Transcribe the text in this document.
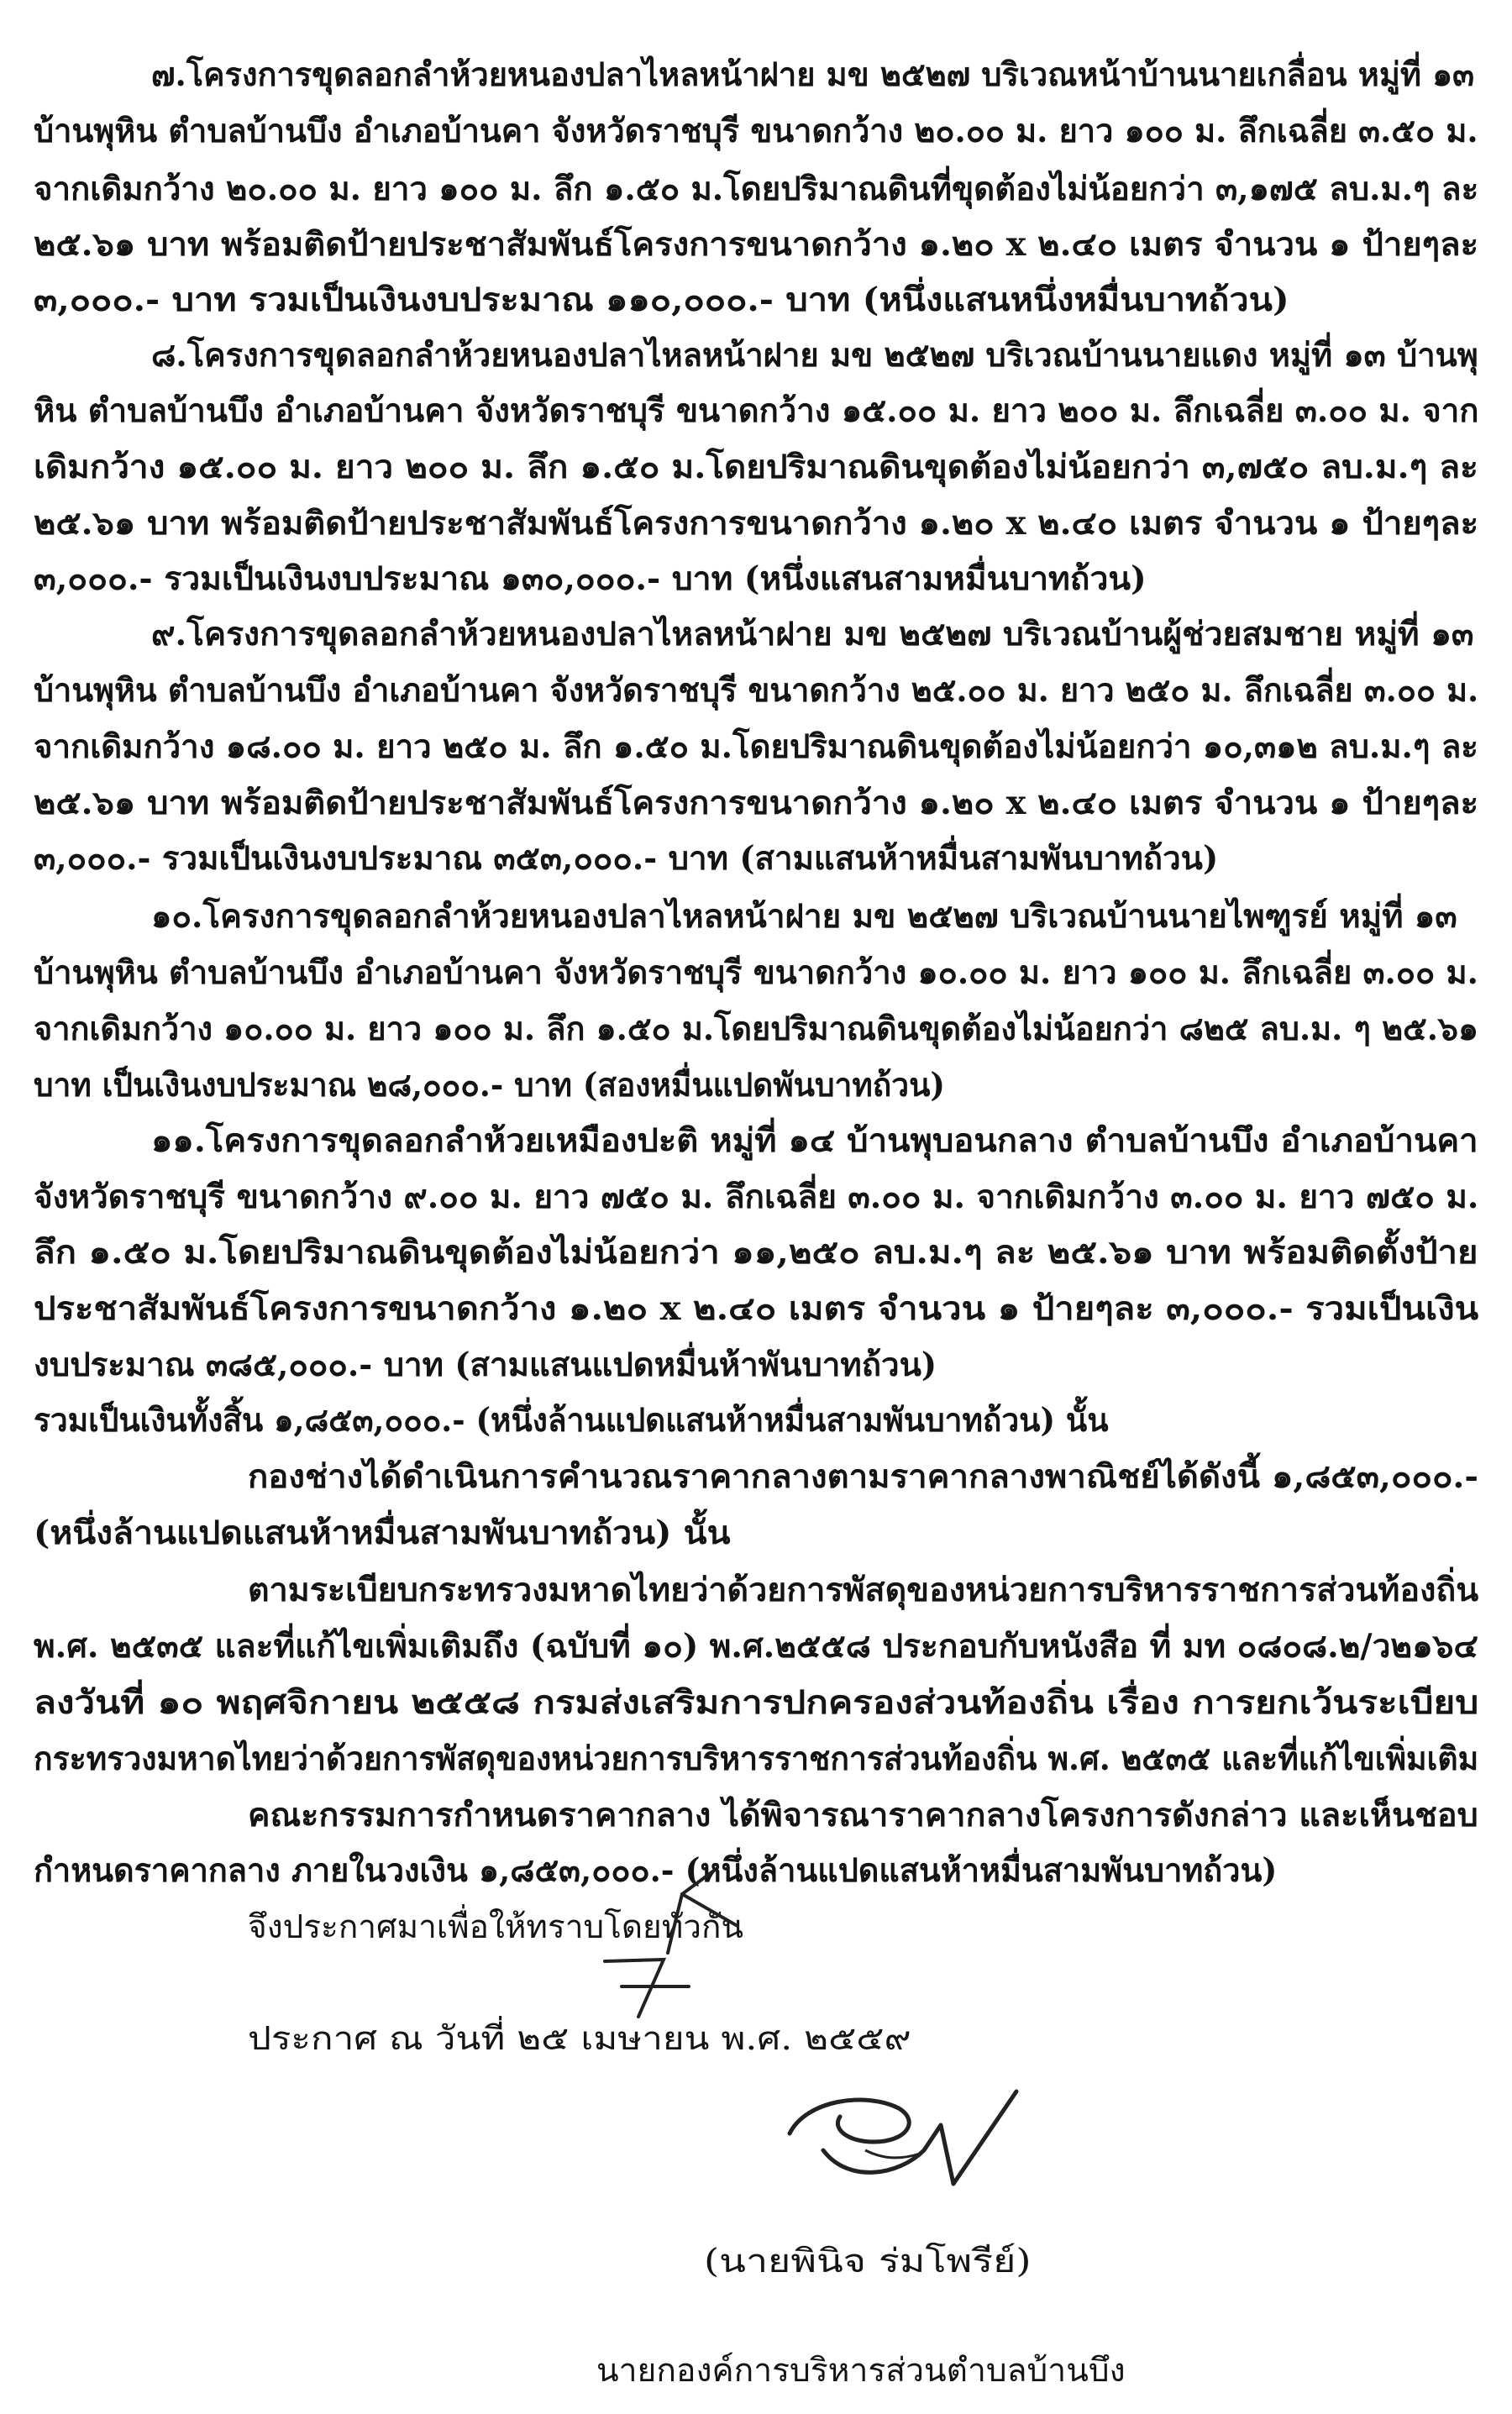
๗.โครงการขุดลอกลำห้วยหนองปลาไหลหน้าฝาย มข ๒๕๒๗ บริเวณหน้าบ้านนายเกลื่อน หมู่ที่ ๑๓
บ้านพุหิน ตำบลบ้านบึง อำเภอบ้านคา จังหวัดราชบุรี ขนาดกว้าง ๒๐.๐๐ ม. ยาว ๑๐๐ ม. ลึกเฉลี่ย ๓.๕๐ ม.
จากเดิมกว้าง ๒๐.๐๐ ม. ยาว ๑๐๐ ม. ลึก ๑.๕๐ ม.โดยปริมาณดินที่ขุดต้องไม่น้อยกว่า ๓,๑๗๕ ลบ.ม.ๆ ละ
๒๕.๖๑ บาท พร้อมติดป้ายประชาสัมพันธ์โครงการขนาดกว้าง ๑.๒๐ x ๒.๔๐ เมตร จำนวน ๑ ป้ายๆละ
๓,๐๐๐.- บาท รวมเป็นเงินงบประมาณ ๑๑๐,๐๐๐.- บาท (หนึ่งแสนหนึ่งหมื่นบาทถ้วน)
๘.โครงการขุดลอกลำห้วยหนองปลาไหลหน้าฝาย มข ๒๕๒๗ บริเวณบ้านนายแดง หมู่ที่ ๑๓ บ้านพุ
หิน ตำบลบ้านบึง อำเภอบ้านคา จังหวัดราชบุรี ขนาดกว้าง ๑๕.๐๐ ม. ยาว ๒๐๐ ม. ลึกเฉลี่ย ๓.๐๐ ม. จาก
เดิมกว้าง ๑๕.๐๐ ม. ยาว ๒๐๐ ม. ลึก ๑.๕๐ ม.โดยปริมาณดินขุดต้องไม่น้อยกว่า ๓,๗๕๐ ลบ.ม.ๆ ละ
๒๕.๖๑ บาท พร้อมติดป้ายประชาสัมพันธ์โครงการขนาดกว้าง ๑.๒๐ x ๒.๔๐ เมตร จำนวน ๑ ป้ายๆละ
๓,๐๐๐.- รวมเป็นเงินงบประมาณ ๑๓๐,๐๐๐.- บาท (หนึ่งแสนสามหมื่นบาทถ้วน)
๙.โครงการขุดลอกลำห้วยหนองปลาไหลหน้าฝาย มข ๒๕๒๗ บริเวณบ้านผู้ช่วยสมชาย หมู่ที่ ๑๓
บ้านพุหิน ตำบลบ้านบึง อำเภอบ้านคา จังหวัดราชบุรี ขนาดกว้าง ๒๕.๐๐ ม. ยาว ๒๕๐ ม. ลึกเฉลี่ย ๓.๐๐ ม.
จากเดิมกว้าง ๑๘.๐๐ ม. ยาว ๒๕๐ ม. ลึก ๑.๕๐ ม.โดยปริมาณดินขุดต้องไม่น้อยกว่า ๑๐,๓๑๒ ลบ.ม.ๆ ละ
๒๕.๖๑ บาท พร้อมติดป้ายประชาสัมพันธ์โครงการขนาดกว้าง ๑.๒๐ x ๒.๔๐ เมตร จำนวน ๑ ป้ายๆละ
๓,๐๐๐.- รวมเป็นเงินงบประมาณ ๓๕๓,๐๐๐.- บาท (สามแสนห้าหมื่นสามพันบาทถ้วน)
๑๐.โครงการขุดลอกลำห้วยหนองปลาไหลหน้าฝาย มข ๒๕๒๗ บริเวณบ้านนายไพฑูรย์ หมู่ที่ ๑๓
บ้านพุหิน ตำบลบ้านบึง อำเภอบ้านคา จังหวัดราชบุรี ขนาดกว้าง ๑๐.๐๐ ม. ยาว ๑๐๐ ม. ลึกเฉลี่ย ๓.๐๐ ม.
จากเดิมกว้าง ๑๐.๐๐ ม. ยาว ๑๐๐ ม. ลึก ๑.๕๐ ม.โดยปริมาณดินขุดต้องไม่น้อยกว่า ๘๒๕ ลบ.ม. ๆ ๒๕.๖๑
บาท เป็นเงินงบประมาณ ๒๘,๐๐๐.- บาท (สองหมื่นแปดพันบาทถ้วน)
๑๑.โครงการขุดลอกลำห้วยเหมืองปะติ หมู่ที่ ๑๔ บ้านพุบอนกลาง ตำบลบ้านบึง อำเภอบ้านคา
จังหวัดราชบุรี ขนาดกว้าง ๙.๐๐ ม. ยาว ๗๕๐ ม. ลึกเฉลี่ย ๓.๐๐ ม. จากเดิมกว้าง ๓.๐๐ ม. ยาว ๗๕๐ ม.
ลึก ๑.๕๐ ม.โดยปริมาณดินขุดต้องไม่น้อยกว่า ๑๑,๒๕๐ ลบ.ม.ๆ ละ ๒๕.๖๑ บาท พร้อมติดตั้งป้าย
ประชาสัมพันธ์โครงการขนาดกว้าง ๑.๒๐ x ๒.๔๐ เมตร จำนวน ๑ ป้ายๆละ ๓,๐๐๐.- รวมเป็นเงิน
งบประมาณ ๓๘๕,๐๐๐.- บาท (สามแสนแปดหมื่นห้าพันบาทถ้วน)
รวมเป็นเงินทั้งสิ้น ๑,๘๕๓,๐๐๐.- (หนึ่งล้านแปดแสนห้าหมื่นสามพันบาทถ้วน) นั้น
กองช่างได้ดำเนินการคำนวณราคากลางตามราคากลางพาณิชย์ได้ดังนี้ ๑,๘๕๓,๐๐๐.-
(หนึ่งล้านแปดแสนห้าหมื่นสามพันบาทถ้วน) นั้น
ตามระเบียบกระทรวงมหาดไทยว่าด้วยการพัสดุของหน่วยการบริหารราชการส่วนท้องถิ่น
พ.ศ. ๒๕๓๕ และที่แก้ไขเพิ่มเติมถึง (ฉบับที่ ๑๐) พ.ศ.๒๕๕๘ ประกอบกับหนังสือ ที่ มท ๐๘๐๘.๒/ว๒๑๖๔
ลงวันที่ ๑๐ พฤศจิกายน ๒๕๕๘ กรมส่งเสริมการปกครองส่วนท้องถิ่น เรื่อง การยกเว้นระเบียบ
กระทรวงมหาดไทยว่าด้วยการพัสดุของหน่วยการบริหารราชการส่วนท้องถิ่น พ.ศ. ๒๕๓๕ และที่แก้ไขเพิ่มเติม
คณะกรรมการกำหนดราคากลาง ได้พิจารณาราคากลางโครงการดังกล่าว และเห็นชอบ
กำหนดราคากลาง ภายในวงเงิน ๑,๘๕๓,๐๐๐.- (หนึ่งล้านแปดแสนห้าหมื่นสามพันบาทถ้วน)
จึงประกาศมาเพื่อให้ทราบโดยทั่วกัน
ประกาศ ณ วันที่ ๒๕ เมษายน พ.ศ. ๒๕๕๙
(นายพินิจ ร่มโพรีย์)
นายกองค์การบริหารส่วนตำบลบ้านบึง
